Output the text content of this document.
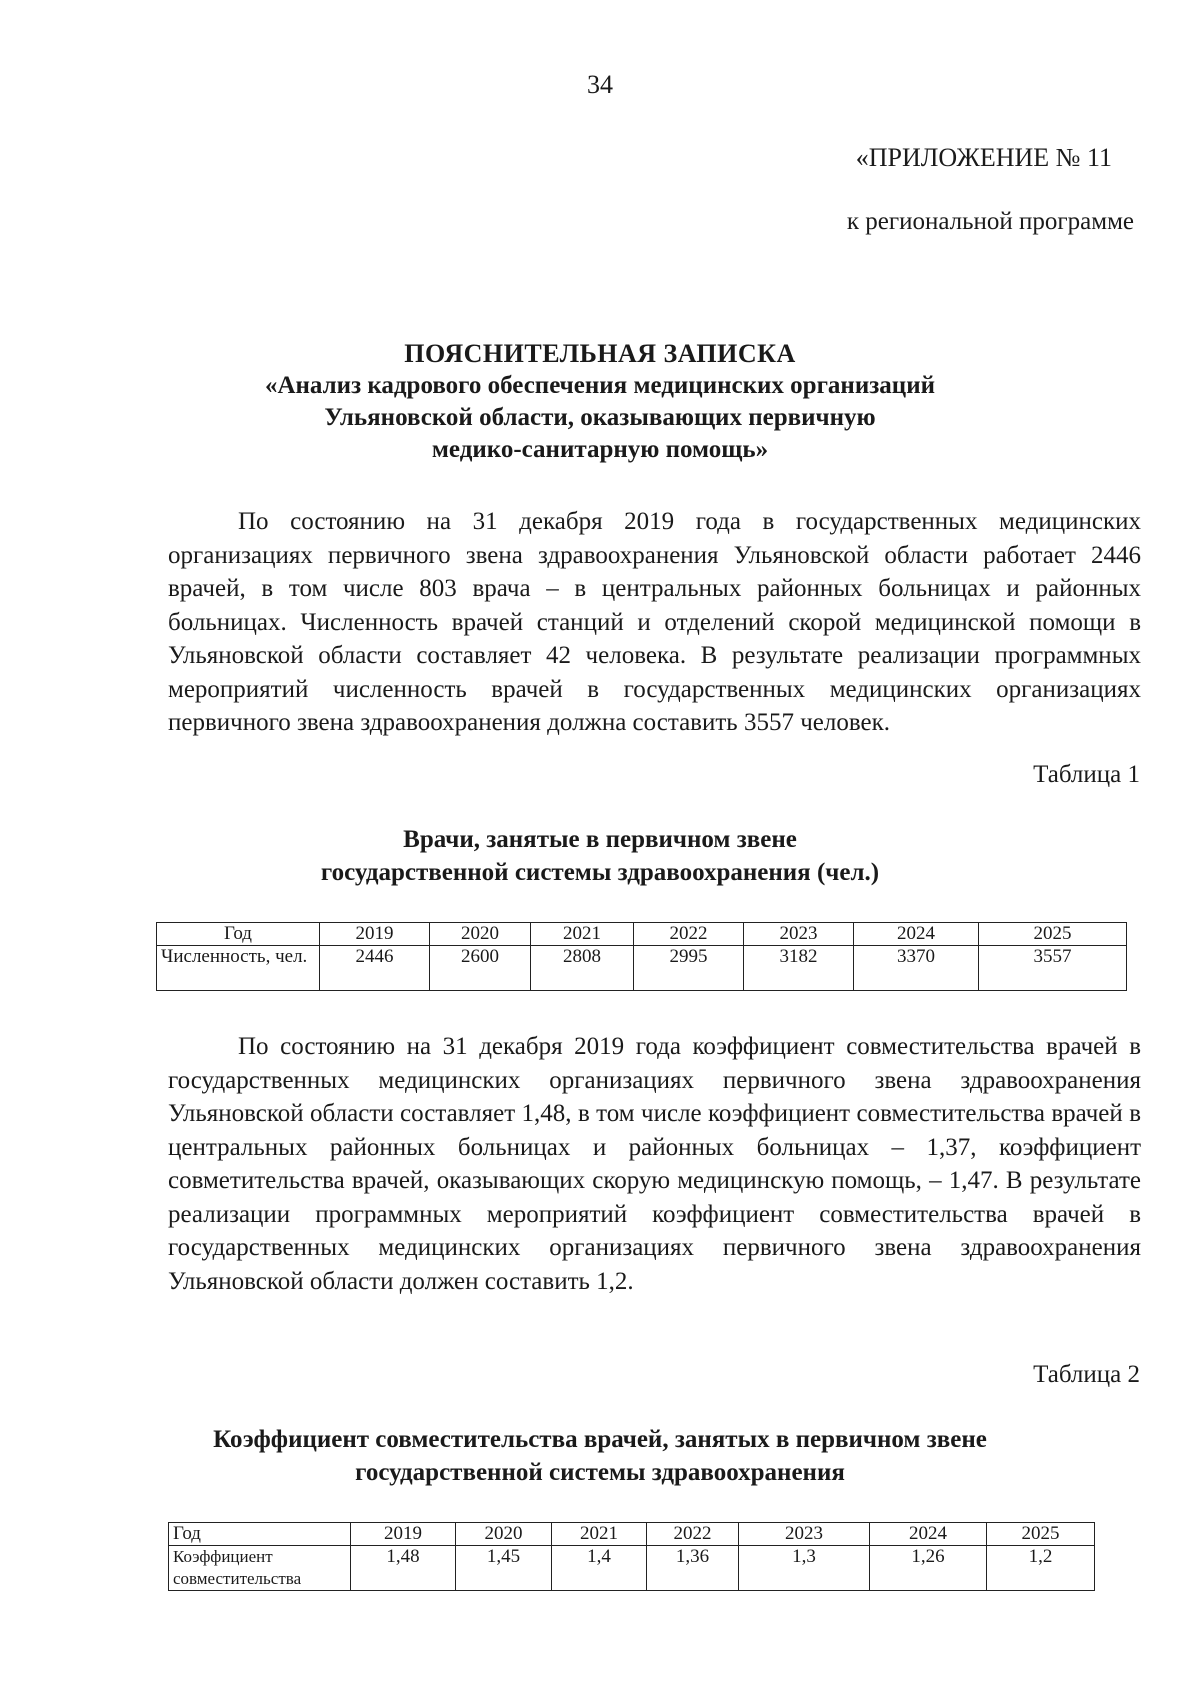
34
«ПРИЛОЖЕНИЕ № 11
к региональной программе
ПОЯСНИТЕЛЬНАЯ ЗАПИСКА
«Анализ кадрового обеспечения медицинских организаций
Ульяновской области, оказывающих первичную
медико-санитарную помощь»
По состоянию на 31 декабря 2019 года в государственных медицинских организациях первичного звена здравоохранения Ульяновской области работает 2446 врачей, в том числе 803 врача – в центральных районных больницах и районных больницах. Численность врачей станций и отделений скорой медицинской помощи в Ульяновской области составляет 42 человека. В результате реализации программных мероприятий численность врачей в государственных медицинских организациях первичного звена здравоохранения должна составить 3557 человек.
Таблица 1
Врачи, занятые в первичном звене
государственной системы здравоохранения (чел.)
Год	2019	2020	2021	2022	2023	2024	2025
Численность, чел.	2446	2600	2808	2995	3182	3370	3557
По состоянию на 31 декабря 2019 года коэффициент совместительства врачей в государственных медицинских организациях первичного звена здравоохранения Ульяновской области составляет 1,48, в том числе коэффициент совместительства врачей в центральных районных больницах и районных больницах – 1,37, коэффициент совметительства врачей, оказывающих скорую медицинскую помощь, – 1,47. В результате реализации программных мероприятий коэффициент совместительства врачей в государственных медицинских организациях первичного звена здравоохранения Ульяновской области должен составить 1,2.
Таблица 2
Коэффициент совместительства врачей, занятых в первичном звене
государственной системы здравоохранения
Год	2019	2020	2021	2022	2023	2024	2025
Коэффициент совместительства	1,48	1,45	1,4	1,36	1,3	1,26	1,2
